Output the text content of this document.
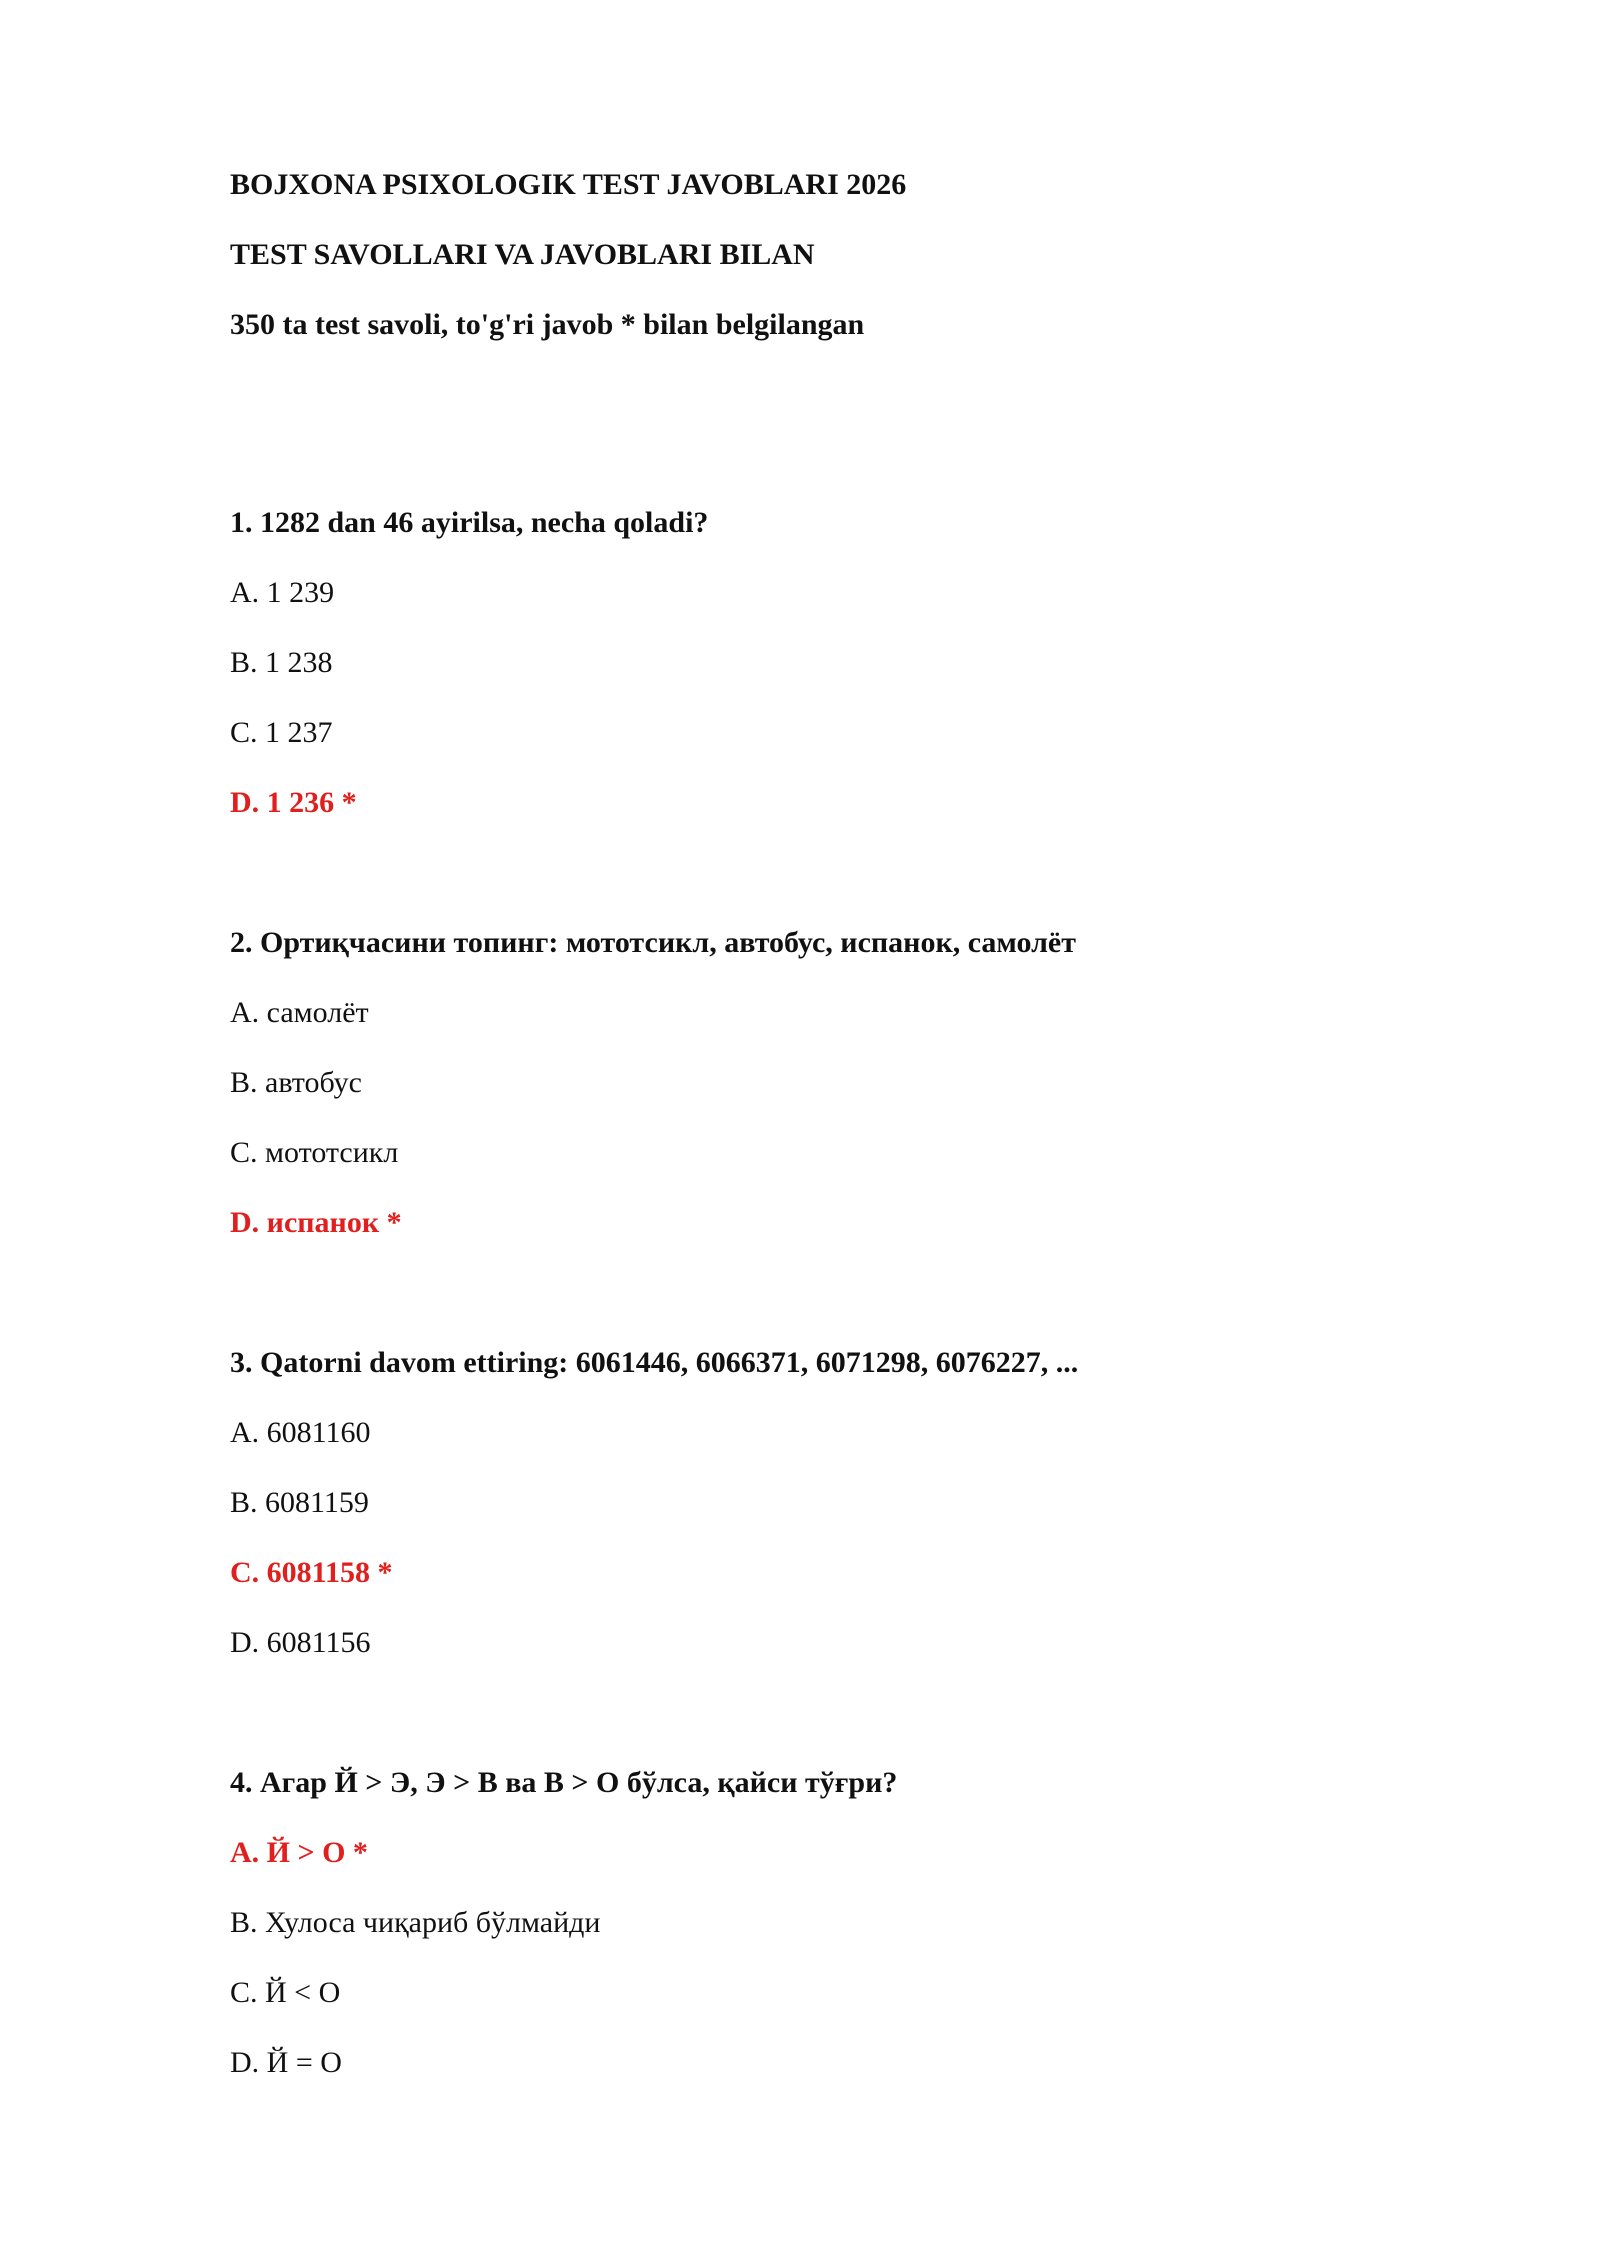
BOJXONA PSIXOLOGIK TEST JAVOBLARI 2026
TEST SAVOLLARI VA JAVOBLARI BILAN
350 ta test savoli, to'g'ri javob * bilan belgilangan
1. 1282 dan 46 ayirilsa, necha qoladi?
A. 1 239
B. 1 238
C. 1 237
D. 1 236 *
2. Ортиқчасини топинг: мототсикл, автобус, испанок, самолёт
A. самолёт
B. автобус
C. мототсикл
D. испанок *
3. Qatorni davom ettiring: 6061446, 6066371, 6071298, 6076227, ...
A. 6081160
B. 6081159
C. 6081158 *
D. 6081156
4. Агар Й > Э, Э > В ва В > О бўлса, қайси тўғри?
A. Й > О *
B. Хулоса чиқариб бўлмайди
C. Й < О
D. Й = О
